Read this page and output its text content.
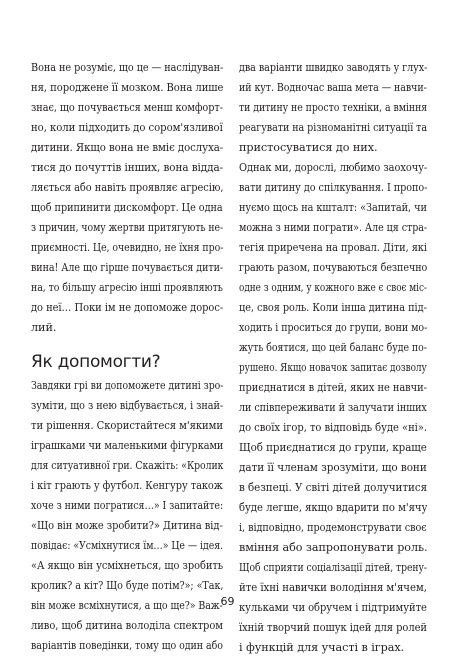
Вона не розуміє, що це — наслідуван-
ня, породжене її мозком. Вона лише
знає, що почувається менш комфорт-
но, коли підходить до сором'язливої
дитини. Якщо вона не вміє дослуха-
тися до почуттів інших, вона відда-
ляється або навіть проявляє агресію,
щоб припинити дискомфорт. Це одна
з причин, чому жертви притягують не-
приємності. Це, очевидно, не їхня про-
вина! Але що гірше почувається дити-
на, то більшу агресію інші проявляють
до неї… Поки ім не допоможе дорос-
лий.
Як допомогти?
Завдяки грі ви допоможете дитині зро-
зуміти, що з нею відбувається, і знай-
ти рішення. Скористайтеся м'якими
іграшками чи маленькими фігурками
для ситуативної гри. Скажіть: «Кролик
і кіт грають у футбол. Кенгуру також
хоче з ними погратися…» І запитайте:
«Що він може зробити?» Дитина від-
повідає: «Усміхнутися їм…» Це — ідея.
«А якщо він усміхнеться, що зробить
кролик? а кіт? Що буде потім?»; «Так,
він може всміхнутися, а що ще?» Важ-
ливо, щоб дитина володіла спектром
варіантів поведінки, тому що один або
два варіанти швидко заводять у глух-
ий кут. Водночас ваша мета — навчи-
ти дитину не просто техніки, а вміння
реагувати на різноманітні ситуації та
пристосуватися до них.
Однак ми, дорослі, любимо заохочу-
вати дитину до спілкування. І пропо-
нуємо щось на кшталт: «Запитай, чи
можна з ними пограти». Але ця стра-
тегія приречена на провал. Діти, які
грають разом, почуваються безпечно
одне з одним, у кожного вже є своє міс-
це, своя роль. Коли інша дитина під-
ходить і проситься до групи, вони мо-
жуть боятися, що цей баланс буде по-
рушено. Якщо новачок запитає дозволу
приєднатися в дітей, яких не навчи-
ли співпереживати й залучати інших
до своїх ігор, то відповідь буде «ні».
Щоб приєднатися до групи, краще
дати її членам зрозуміти, що вони
в безпеці. У світі дітей долучитися
буде легше, якщо вдарити по м'ячу
і, відповідно, продемонструвати своє
вміння або запропонувати роль.
Щоб сприяти соціалізації дітей, трену-
йте їхні навички володіння м'ячем,
кульками чи обручем і підтримуйте
їхній творчий пошук ідей для ролей
і функцій для участі в іграх.
69
